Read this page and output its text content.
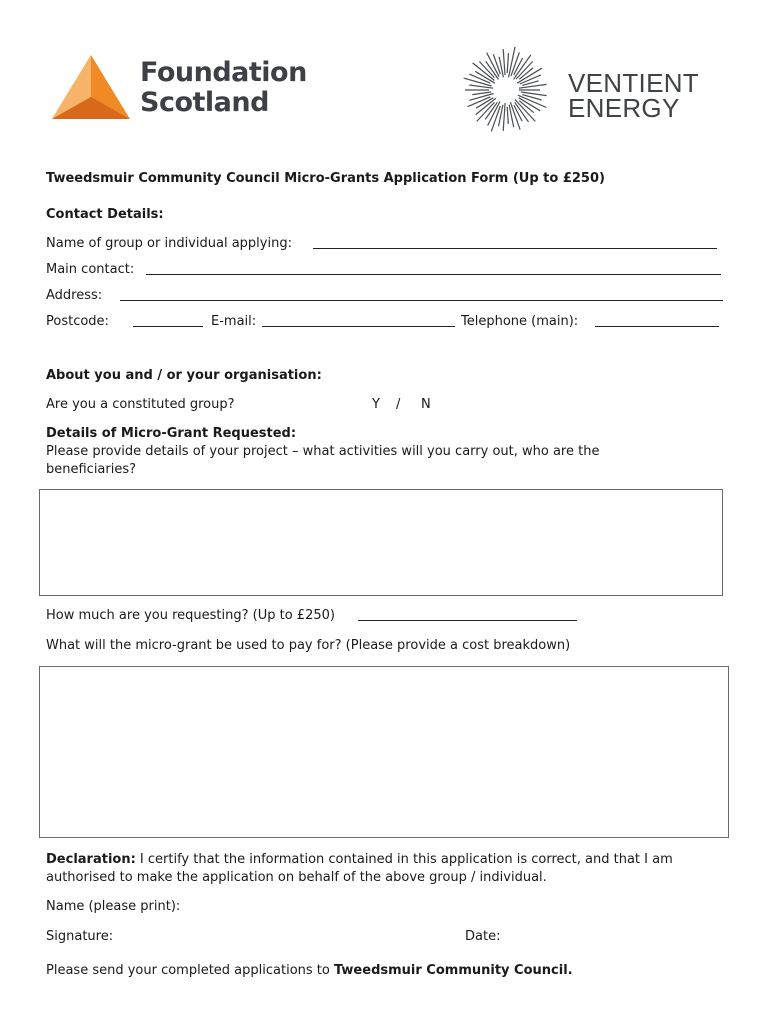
Foundation
Scotland
VENTIENT
ENERGY
Tweedsmuir Community Council Micro-Grants Application Form (Up to £250)
Contact Details:
Name of group or individual applying:
Main contact:
Address:
Postcode:	E-mail:	Telephone (main):
About you and / or your organisation:
Are you a constituted group?	Y / N
Details of Micro-Grant Requested:
Please provide details of your project – what activities will you carry out, who are the
beneficiaries?
How much are you requesting? (Up to £250)
What will the micro-grant be used to pay for? (Please provide a cost breakdown)
Declaration: I certify that the information contained in this application is correct, and that I am
authorised to make the application on behalf of the above group / individual.
Name (please print):
Signature:	Date:
Please send your completed applications to Tweedsmuir Community Council.
